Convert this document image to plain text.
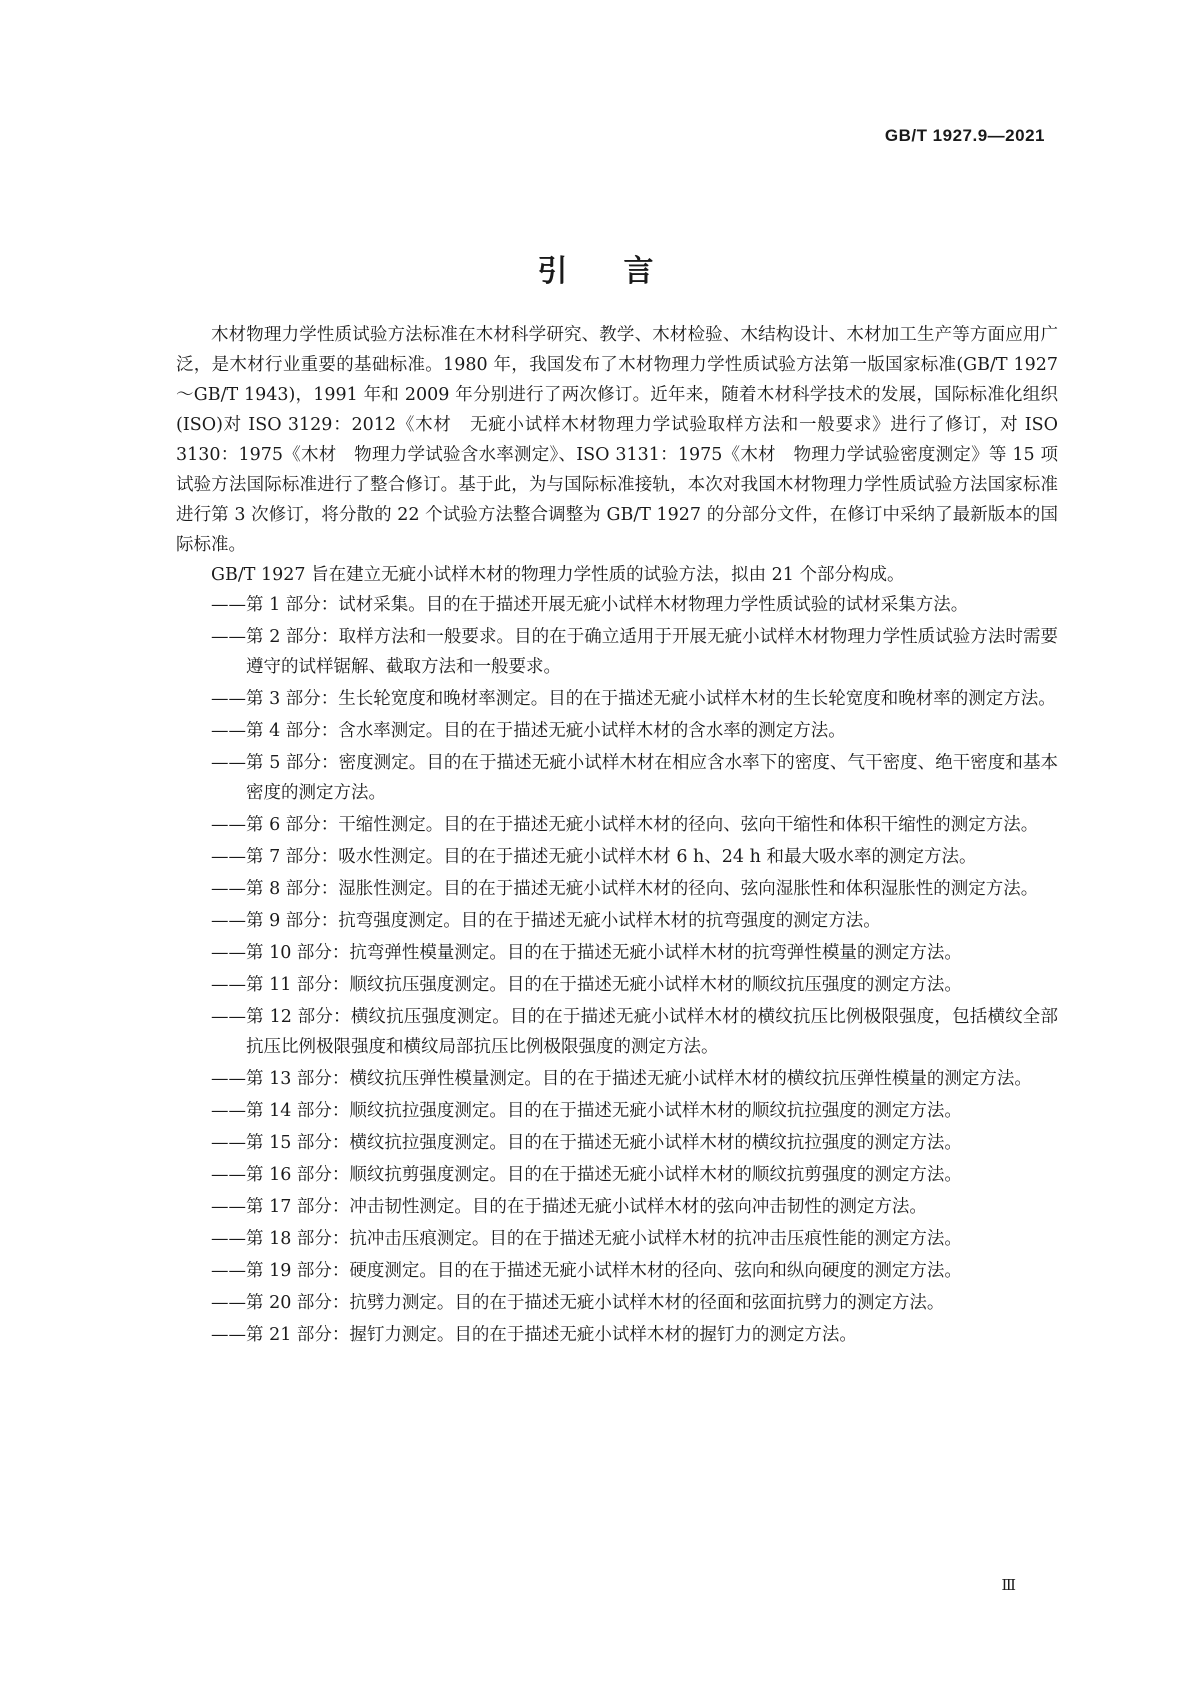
GB/T 1927.9—2021
引言

木材物理力学性质试验方法标准在木材科学研究、教学、木材检验、木结构设计、木材加工生产等方面应用广泛，是木材行业重要的基础标准。1980 年，我国发布了木材物理力学性质试验方法第一版国家标准(GB/T 1927～GB/T 1943)，1991 年和 2009 年分别进行了两次修订。近年来，随着木材科学技术的发展，国际标准化组织(ISO)对 ISO 3129：2012《木材　无疵小试样木材物理力学试验取样方法和一般要求》进行了修订，对 ISO 3130：1975《木材　物理力学试验含水率测定》、ISO 3131：1975《木材　物理力学试验密度测定》等 15 项试验方法国际标准进行了整合修订。基于此，为与国际标准接轨，本次对我国木材物理力学性质试验方法国家标准进行第 3 次修订，将分散的 22 个试验方法整合调整为 GB/T 1927 的分部分文件，在修订中采纳了最新版本的国际标准。

GB/T 1927 旨在建立无疵小试样木材的物理力学性质的试验方法，拟由 21 个部分构成。

——第 1 部分：试材采集。目的在于描述开展无疵小试样木材物理力学性质试验的试材采集方法。
——第 2 部分：取样方法和一般要求。目的在于确立适用于开展无疵小试样木材物理力学性质试验方法时需要遵守的试样锯解、截取方法和一般要求。
——第 3 部分：生长轮宽度和晚材率测定。目的在于描述无疵小试样木材的生长轮宽度和晚材率的测定方法。
——第 4 部分：含水率测定。目的在于描述无疵小试样木材的含水率的测定方法。
——第 5 部分：密度测定。目的在于描述无疵小试样木材在相应含水率下的密度、气干密度、绝干密度和基本密度的测定方法。
——第 6 部分：干缩性测定。目的在于描述无疵小试样木材的径向、弦向干缩性和体积干缩性的测定方法。
——第 7 部分：吸水性测定。目的在于描述无疵小试样木材 6 h、24 h 和最大吸水率的测定方法。
——第 8 部分：湿胀性测定。目的在于描述无疵小试样木材的径向、弦向湿胀性和体积湿胀性的测定方法。
——第 9 部分：抗弯强度测定。目的在于描述无疵小试样木材的抗弯强度的测定方法。
——第 10 部分：抗弯弹性模量测定。目的在于描述无疵小试样木材的抗弯弹性模量的测定方法。
——第 11 部分：顺纹抗压强度测定。目的在于描述无疵小试样木材的顺纹抗压强度的测定方法。
——第 12 部分：横纹抗压强度测定。目的在于描述无疵小试样木材的横纹抗压比例极限强度，包括横纹全部抗压比例极限强度和横纹局部抗压比例极限强度的测定方法。
——第 13 部分：横纹抗压弹性模量测定。目的在于描述无疵小试样木材的横纹抗压弹性模量的测定方法。
——第 14 部分：顺纹抗拉强度测定。目的在于描述无疵小试样木材的顺纹抗拉强度的测定方法。
——第 15 部分：横纹抗拉强度测定。目的在于描述无疵小试样木材的横纹抗拉强度的测定方法。
——第 16 部分：顺纹抗剪强度测定。目的在于描述无疵小试样木材的顺纹抗剪强度的测定方法。
——第 17 部分：冲击韧性测定。目的在于描述无疵小试样木材的弦向冲击韧性的测定方法。
——第 18 部分：抗冲击压痕测定。目的在于描述无疵小试样木材的抗冲击压痕性能的测定方法。
——第 19 部分：硬度测定。目的在于描述无疵小试样木材的径向、弦向和纵向硬度的测定方法。
——第 20 部分：抗劈力测定。目的在于描述无疵小试样木材的径面和弦面抗劈力的测定方法。
——第 21 部分：握钉力测定。目的在于描述无疵小试样木材的握钉力的测定方法。
Ⅲ
